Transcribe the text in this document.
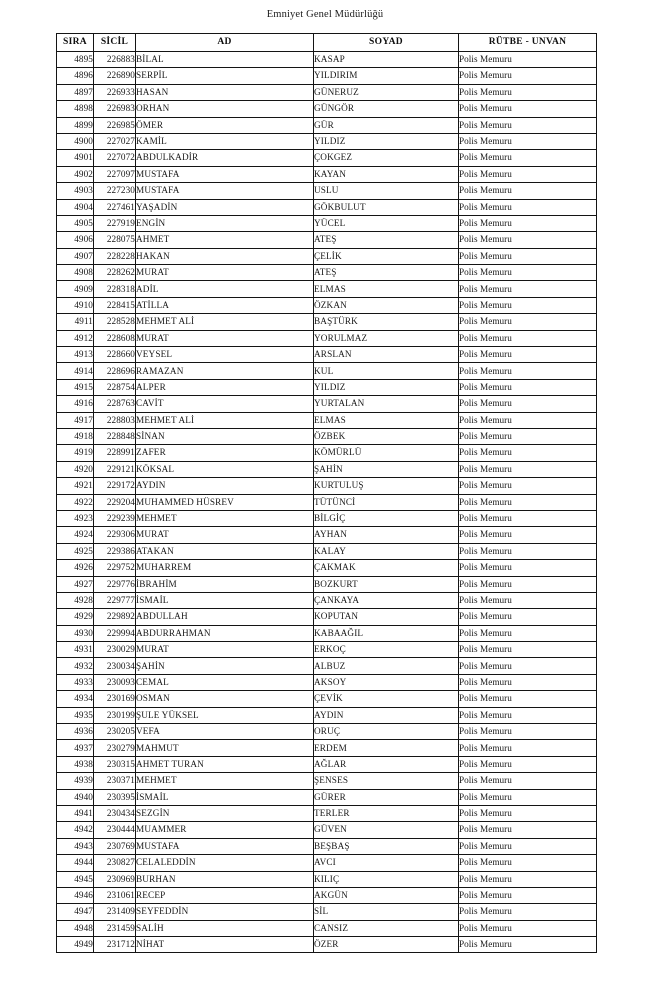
Emniyet Genel Müdürlüğü
SIRA	SİCİL	AD	SOYAD	RÜTBE - UNVAN
4895	226883	BİLAL	KASAP	Polis Memuru
4896	226890	SERPİL	YILDIRIM	Polis Memuru
4897	226933	HASAN	GÜNERUZ	Polis Memuru
4898	226983	ORHAN	GÜNGÖR	Polis Memuru
4899	226985	ÖMER	GÜR	Polis Memuru
4900	227027	KAMİL	YILDIZ	Polis Memuru
4901	227072	ABDULKADİR	ÇOKGEZ	Polis Memuru
4902	227097	MUSTAFA	KAYAN	Polis Memuru
4903	227230	MUSTAFA	USLU	Polis Memuru
4904	227461	YAŞADİN	GÖKBULUT	Polis Memuru
4905	227919	ENGİN	YÜCEL	Polis Memuru
4906	228075	AHMET	ATEŞ	Polis Memuru
4907	228228	HAKAN	ÇELİK	Polis Memuru
4908	228262	MURAT	ATEŞ	Polis Memuru
4909	228318	ADİL	ELMAS	Polis Memuru
4910	228415	ATİLLA	ÖZKAN	Polis Memuru
4911	228528	MEHMET ALİ	BAŞTÜRK	Polis Memuru
4912	228608	MURAT	YORULMAZ	Polis Memuru
4913	228660	VEYSEL	ARSLAN	Polis Memuru
4914	228696	RAMAZAN	KUL	Polis Memuru
4915	228754	ALPER	YILDIZ	Polis Memuru
4916	228763	CAVİT	YURTALAN	Polis Memuru
4917	228803	MEHMET ALİ	ELMAS	Polis Memuru
4918	228848	SİNAN	ÖZBEK	Polis Memuru
4919	228991	ZAFER	KÖMÜRLÜ	Polis Memuru
4920	229121	KÖKSAL	ŞAHİN	Polis Memuru
4921	229172	AYDIN	KURTULUŞ	Polis Memuru
4922	229204	MUHAMMED HÜSREV	TÜTÜNCİ	Polis Memuru
4923	229239	MEHMET	BİLGİÇ	Polis Memuru
4924	229306	MURAT	AYHAN	Polis Memuru
4925	229386	ATAKAN	KALAY	Polis Memuru
4926	229752	MUHARREM	ÇAKMAK	Polis Memuru
4927	229776	İBRAHİM	BOZKURT	Polis Memuru
4928	229777	İSMAİL	ÇANKAYA	Polis Memuru
4929	229892	ABDULLAH	KOPUTAN	Polis Memuru
4930	229994	ABDURRAHMAN	KABAAĞIL	Polis Memuru
4931	230029	MURAT	ERKOÇ	Polis Memuru
4932	230034	ŞAHİN	ALBUZ	Polis Memuru
4933	230093	CEMAL	AKSOY	Polis Memuru
4934	230169	OSMAN	ÇEVİK	Polis Memuru
4935	230199	ŞULE YÜKSEL	AYDIN	Polis Memuru
4936	230205	VEFA	ORUÇ	Polis Memuru
4937	230279	MAHMUT	ERDEM	Polis Memuru
4938	230315	AHMET TURAN	AĞLAR	Polis Memuru
4939	230371	MEHMET	ŞENSES	Polis Memuru
4940	230395	İSMAİL	GÜRER	Polis Memuru
4941	230434	SEZGİN	TERLER	Polis Memuru
4942	230444	MUAMMER	GÜVEN	Polis Memuru
4943	230769	MUSTAFA	BEŞBAŞ	Polis Memuru
4944	230827	CELALEDDİN	AVCI	Polis Memuru
4945	230969	BURHAN	KILIÇ	Polis Memuru
4946	231061	RECEP	AKGÜN	Polis Memuru
4947	231409	SEYFEDDİN	SİL	Polis Memuru
4948	231459	SALİH	CANSIZ	Polis Memuru
4949	231712	NİHAT	ÖZER	Polis Memuru
